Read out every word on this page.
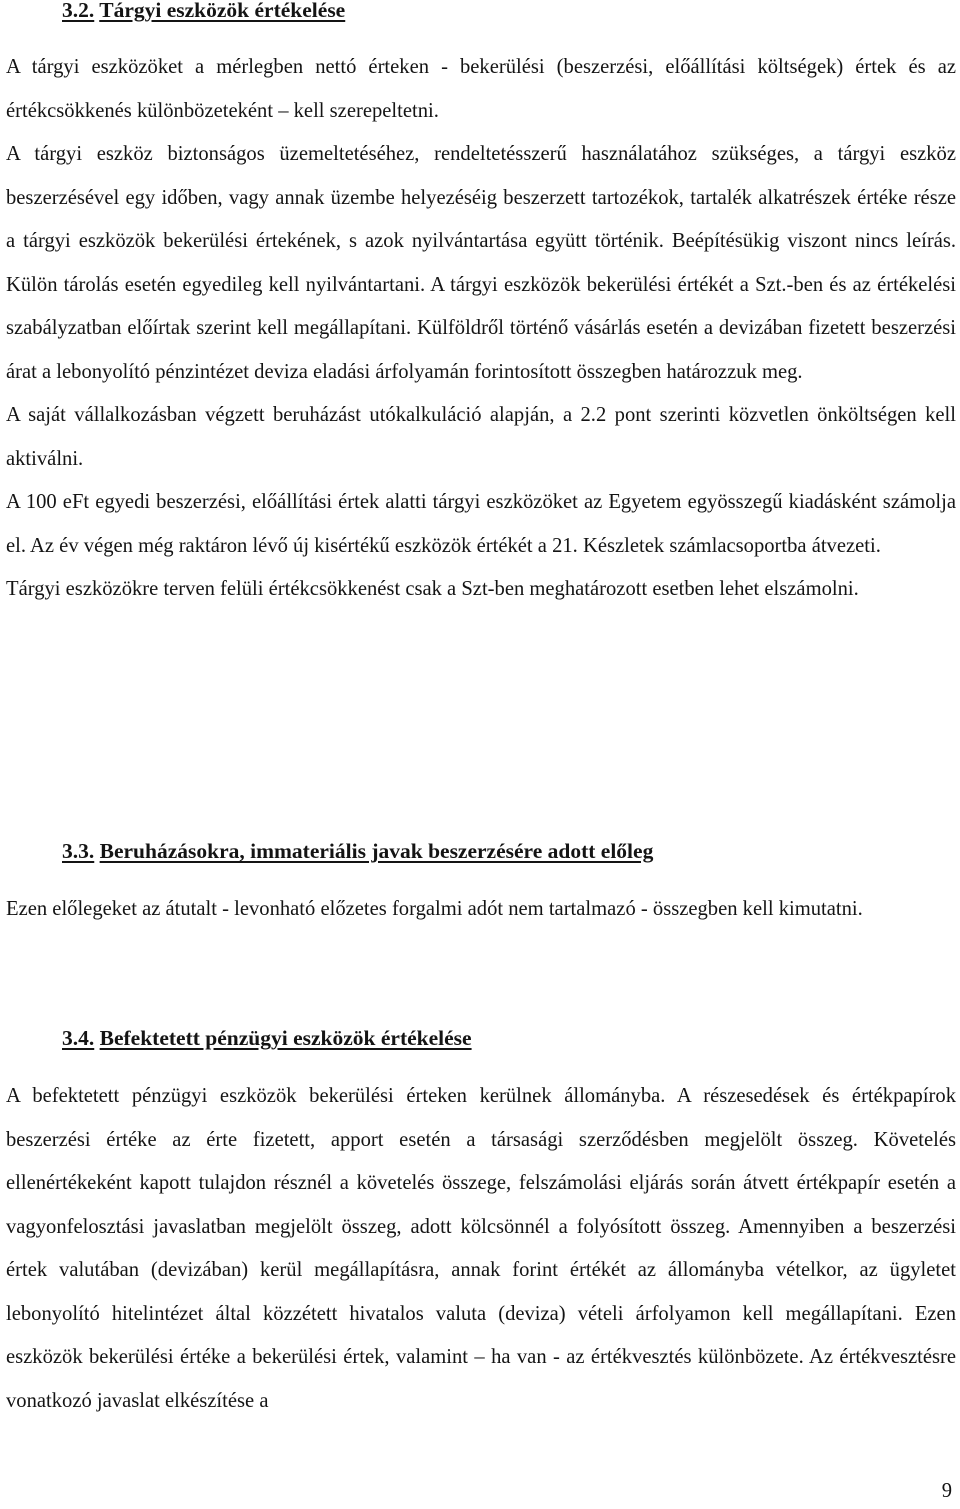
3.2. Tárgyi eszközök értékelése

A tárgyi eszközöket a mérlegben nettó érteken - bekerülési (beszerzési, előállítási költségek) értek és az értékcsökkenés különbözeteként – kell szerepeltetni.

A tárgyi eszköz biztonságos üzemeltetéséhez, rendeltetésszerű használatához szükséges, a tárgyi eszköz beszerzésével egy időben, vagy annak üzembe helyezéséig beszerzett tartozékok, tartalék alkatrészek értéke része a tárgyi eszközök bekerülési értekének, s azok nyilvántartása együtt történik. Beépítésükig viszont nincs leírás. Külön tárolás esetén egyedileg kell nyilvántartani. A tárgyi eszközök bekerülési értékét a Szt.-ben és az értékelési szabályzatban előírtak szerint kell megállapítani. Külföldről történő vásárlás esetén a devizában fizetett beszerzési árat a lebonyolító pénzintézet deviza eladási árfolyamán forintosított összegben határozzuk meg.

A saját vállalkozásban végzett beruházást utókalkuláció alapján, a 2.2 pont szerinti közvetlen önköltségen kell aktiválni.

A 100 eFt egyedi beszerzési, előállítási értek alatti tárgyi eszközöket az Egyetem egyösszegű kiadásként számolja el. Az év végen még raktáron lévő új kisértékű eszközök értékét a 21. Készletek számlacsoportba átvezeti.

Tárgyi eszközökre terven felüli értékcsökkenést csak a Szt-ben meghatározott esetben lehet elszámolni.

3.3. Beruházásokra, immateriális javak beszerzésére adott előleg

Ezen előlegeket az átutalt - levonható előzetes forgalmi adót nem tartalmazó - összegben kell kimutatni.

3.4. Befektetett pénzügyi eszközök értékelése

A befektetett pénzügyi eszközök bekerülési érteken kerülnek állományba. A részesedések és értékpapírok beszerzési értéke az érte fizetett, apport esetén a társasági szerződésben megjelölt összeg. Követelés ellenértékeként kapott tulajdon résznél a követelés összege, felszámolási eljárás során átvett értékpapír esetén a vagyonfelosztási javaslatban megjelölt összeg, adott kölcsönnél a folyósított összeg. Amennyiben a beszerzési értek valutában (devizában) kerül megállapításra, annak forint értékét az állományba vételkor, az ügyletet lebonyolító hitelintézet által közzétett hivatalos valuta (deviza) vételi árfolyamon kell megállapítani. Ezen eszközök bekerülési értéke a bekerülési értek, valamint – ha van - az értékvesztés különbözete. Az értékvesztésre vonatkozó javaslat elkészítése a

9
